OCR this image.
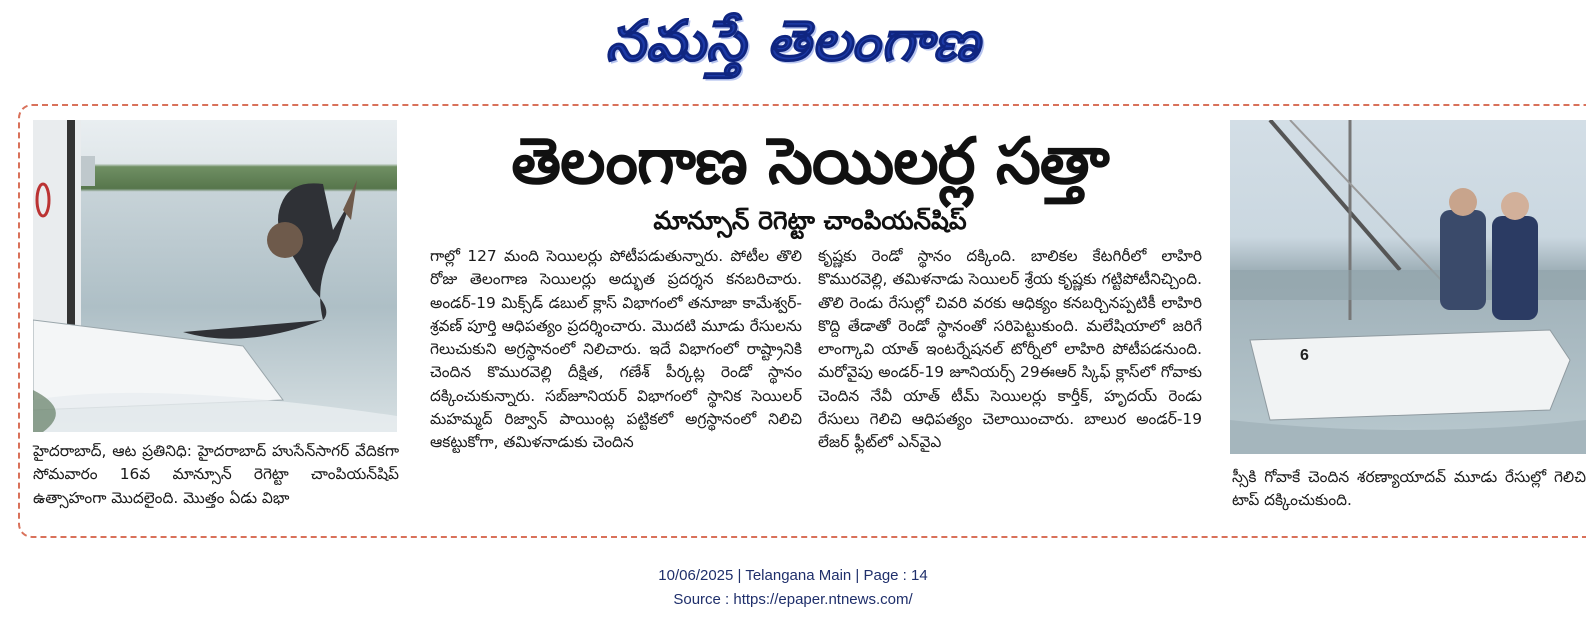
నమస్తే తెలంగాణ
6
తెలంగాణ సెయిలర్ల సత్తా
మాన్సూన్ రెగెట్టా చాంపియన్‌షిప్

హైదరాబాద్, ఆట ప్రతినిధి: హైదరాబాద్ హుసేన్‌సాగర్ వేదికగా సోమవారం 16వ మాన్సూన్ రెగెట్టా చాంపియన్‌షిప్ ఉత్సాహంగా మొదలైంది. మొత్తం ఏడు విభా

గాల్లో 127 మంది సెయిలర్లు పోటీపడుతున్నారు. పోటీల తొలి రోజు తెలంగాణ సెయిలర్లు అద్భుత ప్రదర్శన కనబరిచారు. అండర్-19 మిక్స్‌డ్ డబుల్ క్లాస్ విభాగంలో తనూజా కామేశ్వర్-శ్రవణ్ పూర్తి ఆధిపత్యం ప్రదర్శించారు. మొదటి మూడు రేసులను గెలుచుకుని అగ్రస్థానంలో నిలిచారు. ఇదే విభాగంలో రాష్ట్రానికి చెందిన కొమురవెల్లి దీక్షిత, గణేశ్ పీర్కట్ల రెండో స్థానం దక్కించుకున్నారు. సబ్‌జూనియర్ విభాగంలో స్థానిక సెయిలర్ మహమ్మద్ రిజ్వాన్ పాయింట్ల పట్టికలో అగ్రస్థానంలో నిలిచి ఆకట్టుకోగా, తమిళనాడుకు చెందిన

కృష్ణకు రెండో స్థానం దక్కింది. బాలికల కేటగిరీలో లాహిరి కొమురవెల్లి, తమిళనాడు సెయిలర్ శ్రేయ కృష్ణకు గట్టిపోటీనిచ్చింది. తొలి రెండు రేసుల్లో చివరి వరకు ఆధిక్యం కనబర్చినప్పటికీ లాహిరి కొద్ది తేడాతో రెండో స్థానంతో సరిపెట్టుకుంది. మలేషియాలో జరిగే లాంగ్కావి యాత్ ఇంటర్నేషనల్ టోర్నీలో లాహిరి పోటీపడనుంది. మరోవైపు అండర్-19 జూనియర్స్ 29ఈఆర్ స్కిఫ్ క్లాస్‌లో గోవాకు చెందిన నేవీ యాత్ టీమ్ సెయిలర్లు కార్తీక్, హృదయ్ రెండు రేసులు గెలిచి ఆధిపత్యం చెలాయించారు. బాలుర అండర్-19 లేజర్ ఫ్లీట్‌లో ఎన్‌వైఎ

స్సీకి గోవాకే చెందిన శరణ్యాయాదవ్ మూడు రేసుల్లో గెలిచి టాప్ దక్కించుకుంది.

10/06/2025 | Telangana Main | Page : 14
Source : https://epaper.ntnews.com/
